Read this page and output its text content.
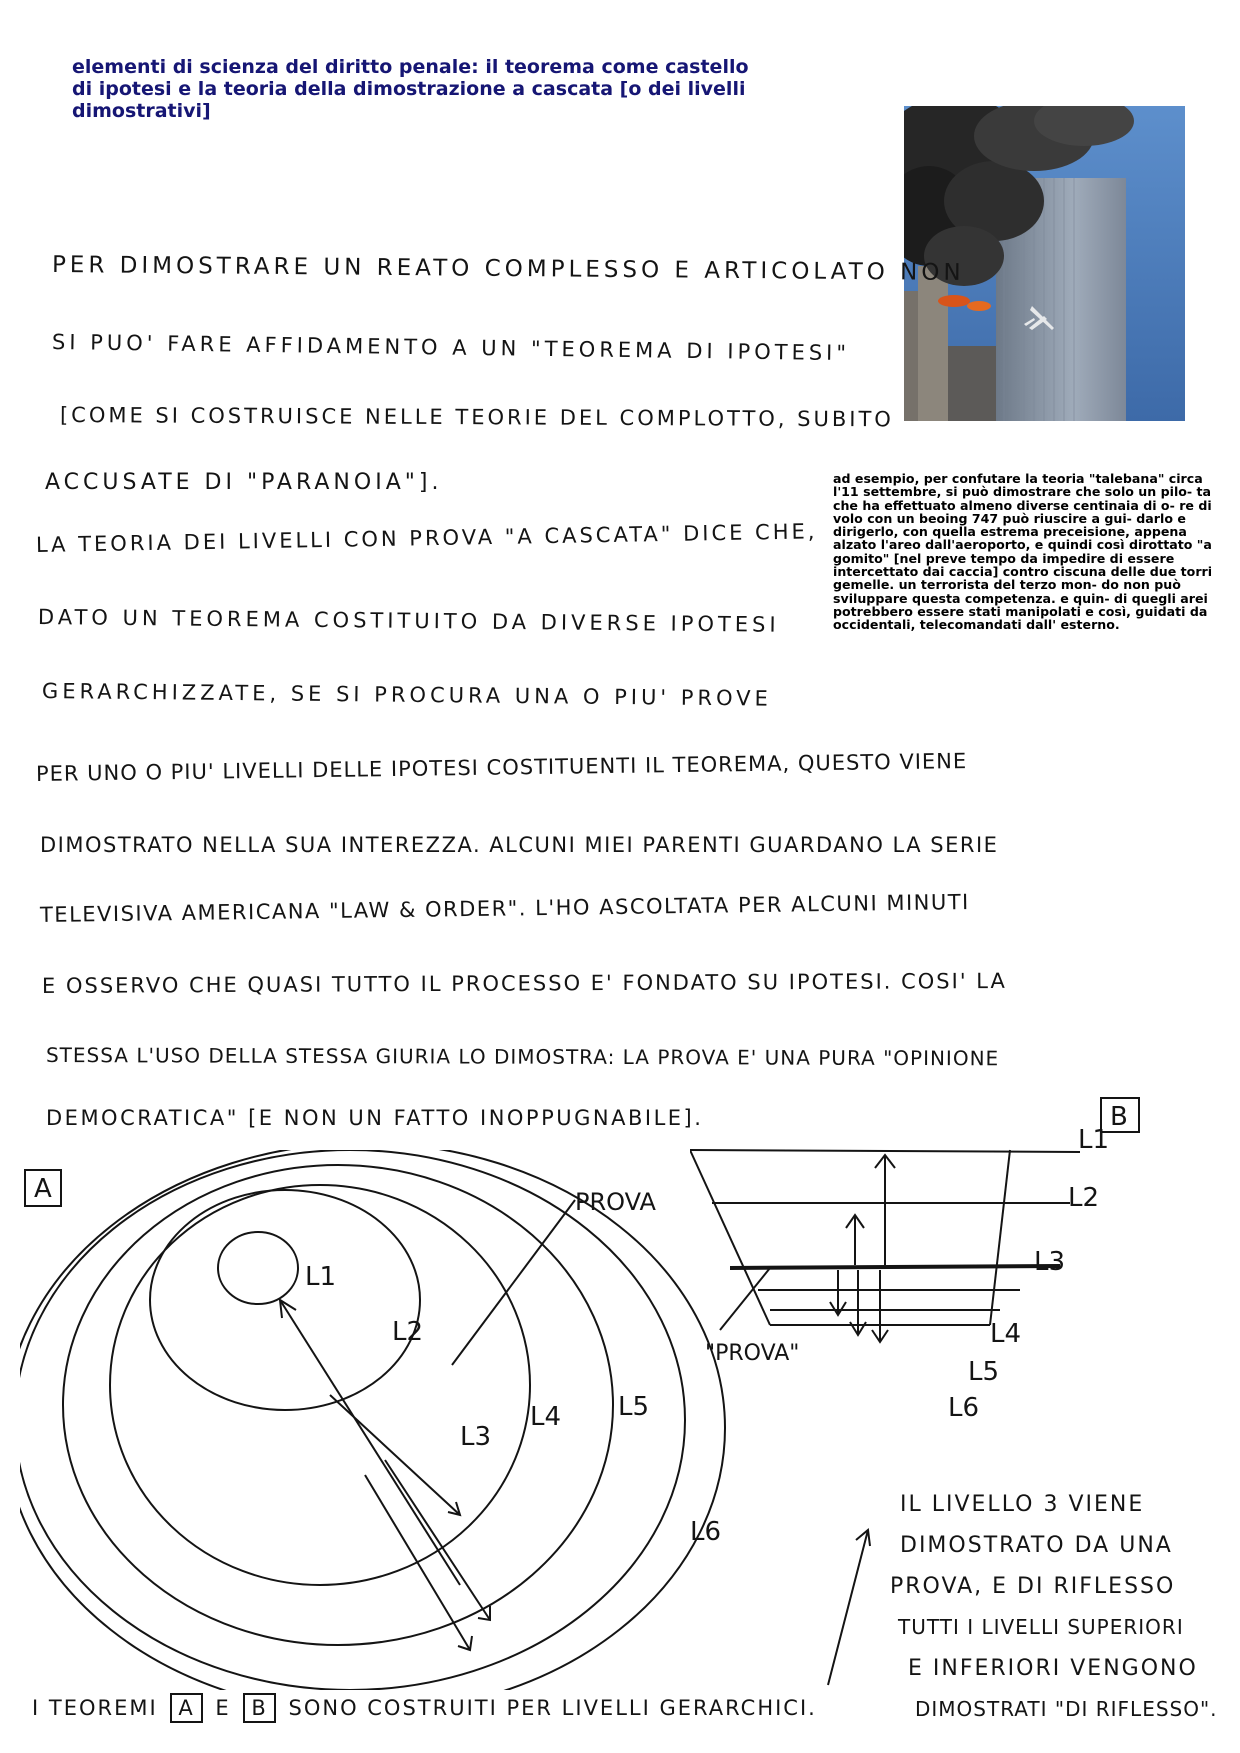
elementi di scienza del diritto penale: il teorema come castello di ipotesi e la teoria della dimostrazione a cascata [o dei livelli dimostrativi]
ad esempio, per confutare la teoria "talebana" circa l'11 settembre, si può dimostrare che solo un pilo- ta che ha effettuato almeno diverse centinaia di o- re di volo con un beoing 747 può riuscire a gui- darlo e dirigerlo, con quella estrema preceisione, appena alzato l'areo dall'aeroporto, e quindi così dirottato "a gomito" [nel preve tempo da impedire di essere intercettato dai caccia] contro ciscuna delle due torri gemelle. un terrorista del terzo mon- do non può sviluppare questa competenza. e quin- di quegli arei potrebbero essere stati manipolati e così, guidati da occidentali, telecomandati dall' esterno.
PER DIMOSTRARE UN REATO COMPLESSO E ARTICOLATO NON
SI PUO' FARE AFFIDAMENTO A UN "TEOREMA DI IPOTESI"
[COME SI COSTRUISCE NELLE TEORIE DEL COMPLOTTO, SUBITO
ACCUSATE DI "PARANOIA"].
LA TEORIA DEI LIVELLI CON PROVA "A CASCATA" DICE CHE,
DATO UN TEOREMA COSTITUITO DA DIVERSE IPOTESI
GERARCHIZZATE, SE SI PROCURA UNA O PIU' PROVE
PER UNO O PIU' LIVELLI DELLE IPOTESI COSTITUENTI IL TEOREMA, QUESTO VIENE
DIMOSTRATO NELLA SUA INTEREZZA. ALCUNI MIEI PARENTI GUARDANO LA SERIE
TELEVISIVA AMERICANA "LAW & ORDER". L'HO ASCOLTATA PER ALCUNI MINUTI
E OSSERVO CHE QUASI TUTTO IL PROCESSO E' FONDATO SU IPOTESI. COSI' LA
STESSA L'USO DELLA STESSA GIURIA LO DIMOSTRA: LA PROVA E' UNA PURA "OPINIONE
DEMOCRATICA" [E NON UN FATTO INOPPUGNABILE].
A	PROVA
L1
L2
L3
L4 L5
L6
B
"PROVA"
L1
L2
L3
L4
L5
L6
IL LIVELLO 3 VIENE
DIMOSTRATO DA UNA
PROVA, E DI RIFLESSO
TUTTI I LIVELLI SUPERIORI
E INFERIORI VENGONO
DIMOSTRATI "DI RIFLESSO".
I TEOREMI A E B SONO COSTRUITI PER LIVELLI GERARCHICI.
